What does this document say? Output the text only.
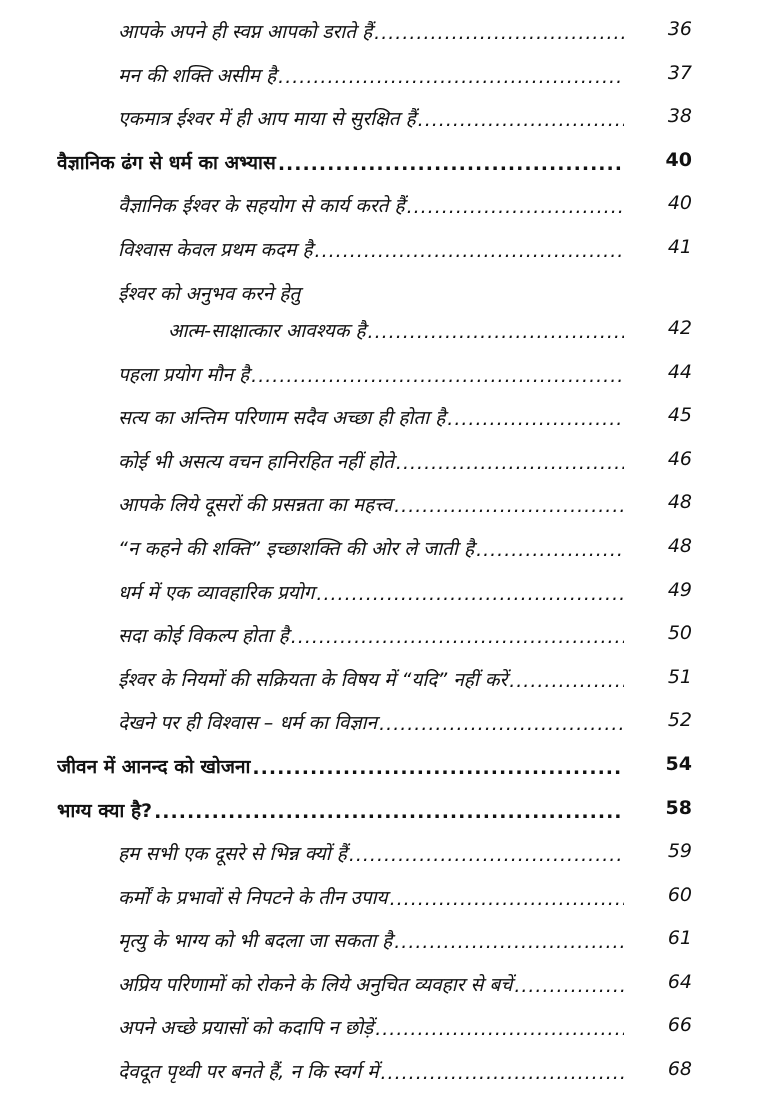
आपके अपने ही स्वप्न आपको डराते हैं .....	36
मन की शक्ति असीम है .....	37
एकमात्र ईश्वर में ही आप माया से सुरक्षित हैं .....	38
वैज्ञानिक ढंग से धर्म का अभ्यास .....	40
वैज्ञानिक ईश्वर के सहयोग से कार्य करते हैं .....	40
विश्वास केवल प्रथम कदम है .....	41
ईश्वर को अनुभव करने हेतु
आत्म-साक्षात्कार आवश्यक है .....	42
पहला प्रयोग मौन है .....	44
सत्य का अन्तिम परिणाम सदैव अच्छा ही होता है .....	45
कोई भी असत्य वचन हानिरहित नहीं होते .....	46
आपके लिये दूसरों की प्रसन्नता का महत्त्व .....	48
“न कहने की शक्ति” इच्छाशक्ति की ओर ले जाती है .....	48
धर्म में एक व्यावहारिक प्रयोग .....	49
सदा कोई विकल्प होता है .....	50
ईश्वर के नियमों की सक्रियता के विषय में “यदि” नहीं करें .....	51
देखने पर ही विश्वास – धर्म का विज्ञान .....	52
जीवन में आनन्द को खोजना .....	54
भाग्य क्या है? .....	58
हम सभी एक दूसरे से भिन्न क्यों हैं .....	59
कर्मों के प्रभावों से निपटने के तीन उपाय .....	60
मृत्यु के भाग्य को भी बदला जा सकता है .....	61
अप्रिय परिणामों को रोकने के लिये अनुचित व्यवहार से बचें .....	64
अपने अच्छे प्रयासों को कदापि न छोड़ें .....	66
देवदूत पृथ्वी पर बनते हैं, न कि स्वर्ग में .....	68
